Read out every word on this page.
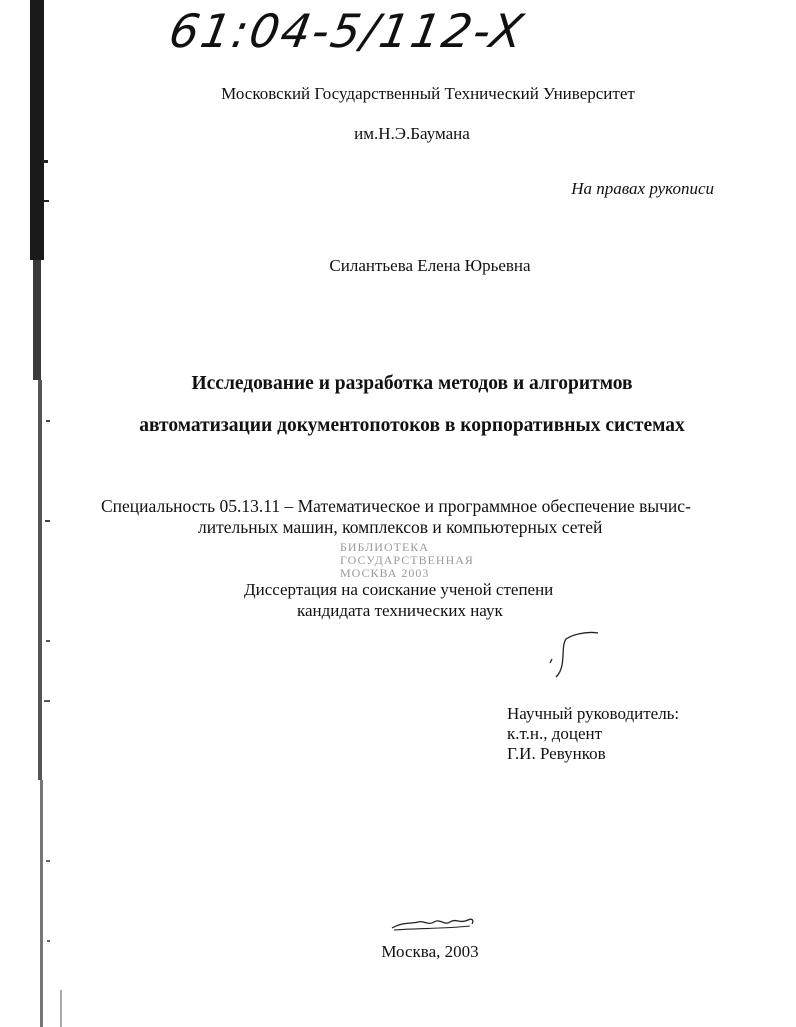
61:04-5/112-X
Московский Государственный Технический Университет
им.Н.Э.Баумана
На правах рукописи
Силантьева Елена Юрьевна
Исследование и разработка методов и алгоритмов
автоматизации документопотоков в корпоративных системах
Специальность 05.13.11 – Математическое и программное обеспечение вычис-
лительных машин, комплексов и компьютерных сетей
БИБЛИОТЕКА
ГОСУДАРСТВЕННАЯ
МОСКВА 2003
Диссертация на соискание ученой степени
кандидата технических наук
Научный руководитель:
к.т.н., доцент
Г.И. Ревунков
Москва, 2003
